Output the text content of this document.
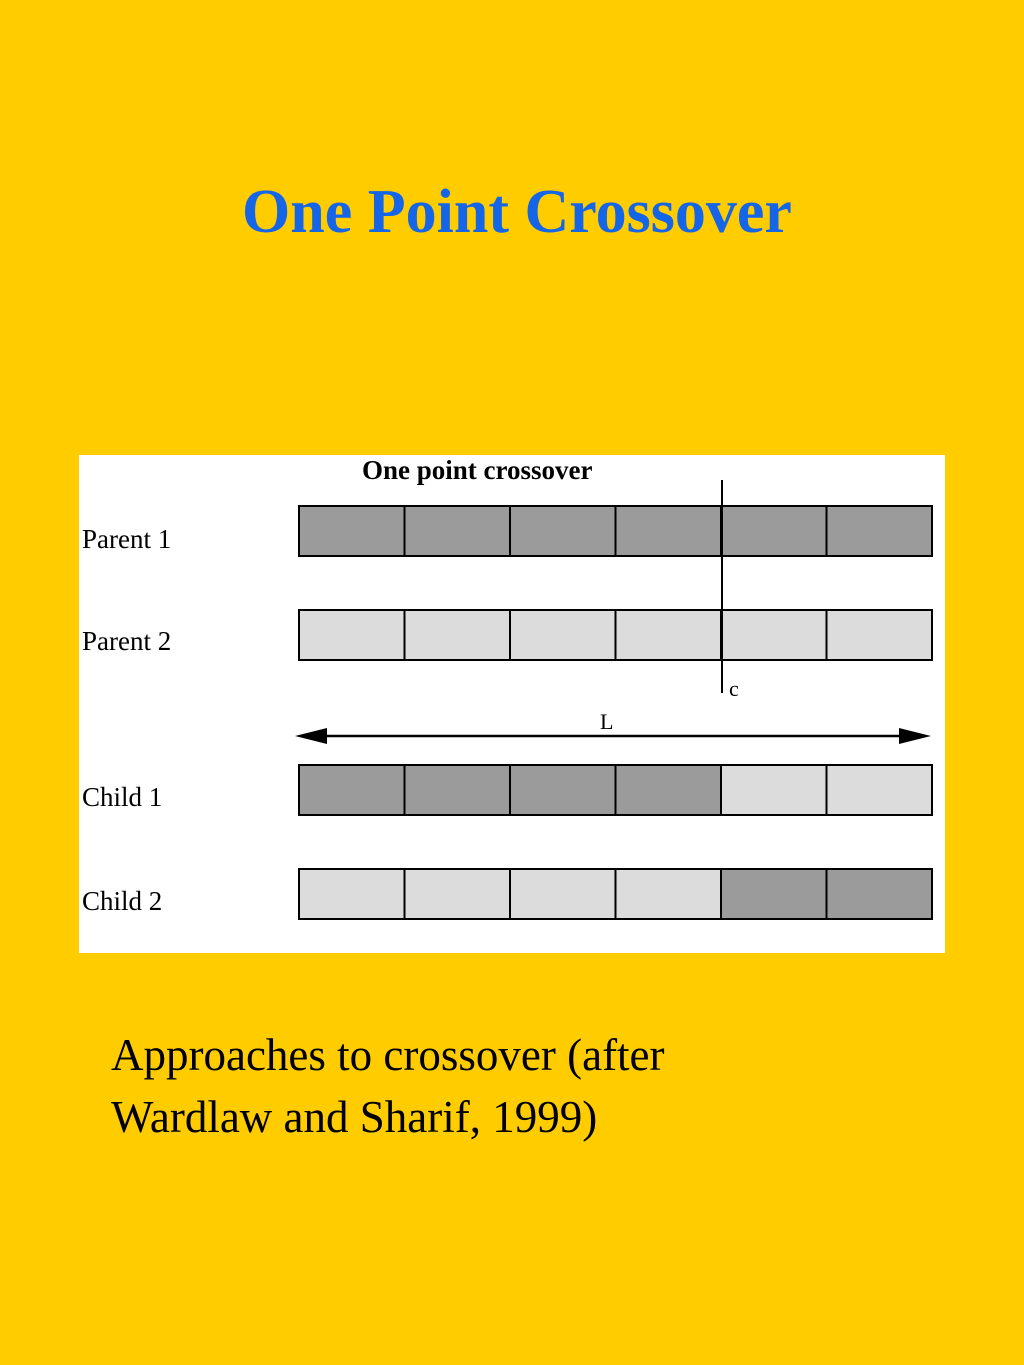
One Point Crossover
One point crossover
Parent 1
Parent 2
Child 1
Child 2
c
L

Approaches to crossover (after
Wardlaw and Sharif, 1999)
